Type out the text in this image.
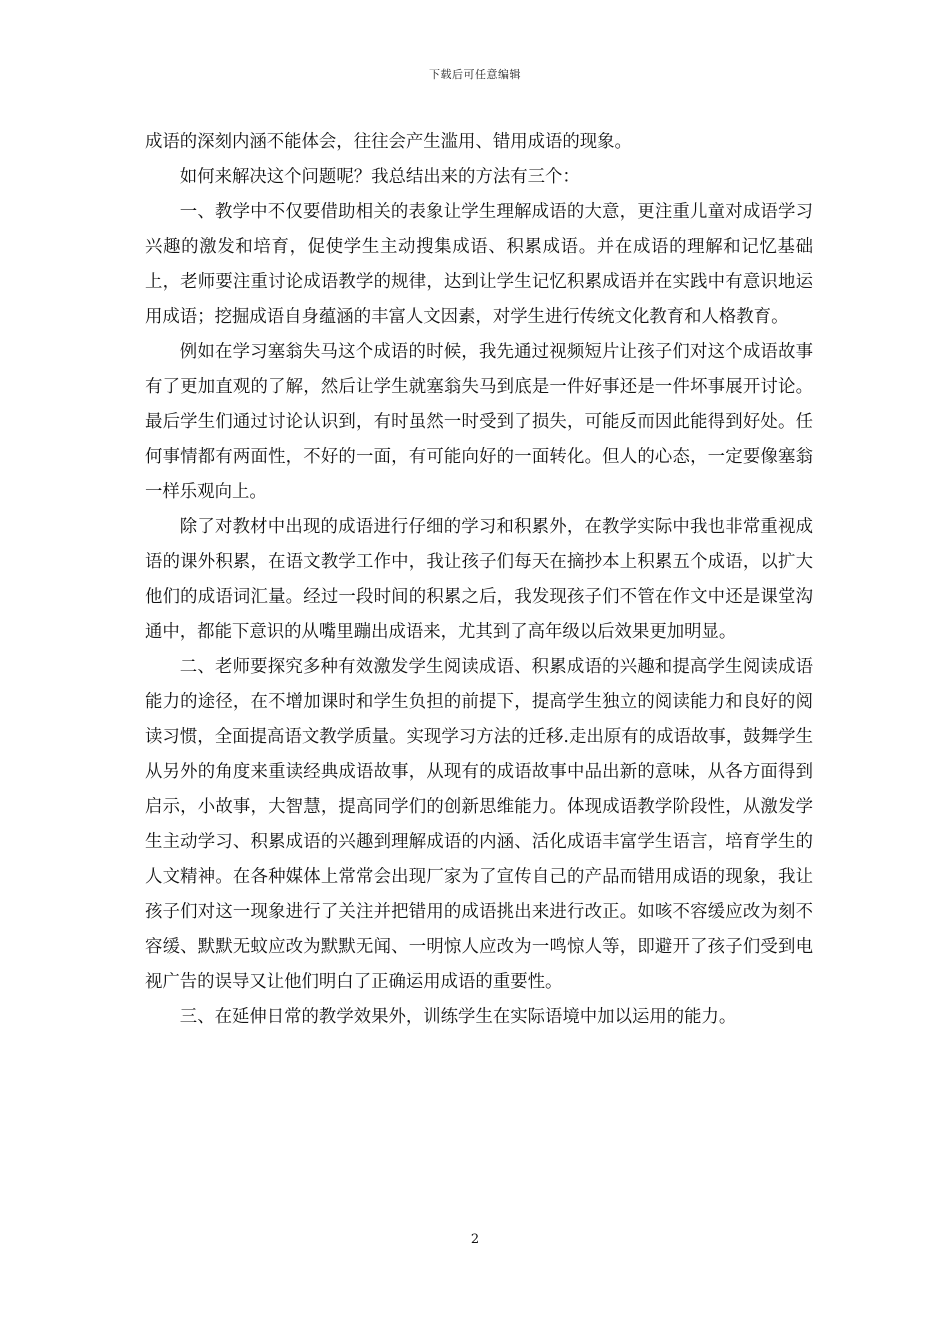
下载后可任意编辑

成语的深刻内涵不能体会，往往会产生滥用、错用成语的现象。

如何来解决这个问题呢？我总结出来的方法有三个：

一、教学中不仅要借助相关的表象让学生理解成语的大意，更注重儿童对成语学习兴趣的激发和培育，促使学生主动搜集成语、积累成语。并在成语的理解和记忆基础上，老师要注重讨论成语教学的规律，达到让学生记忆积累成语并在实践中有意识地运用成语；挖掘成语自身蕴涵的丰富人文因素，对学生进行传统文化教育和人格教育。

例如在学习塞翁失马这个成语的时候，我先通过视频短片让孩子们对这个成语故事有了更加直观的了解，然后让学生就塞翁失马到底是一件好事还是一件坏事展开讨论。最后学生们通过讨论认识到，有时虽然一时受到了损失，可能反而因此能得到好处。任何事情都有两面性，不好的一面，有可能向好的一面转化。但人的心态，一定要像塞翁一样乐观向上。

除了对教材中出现的成语进行仔细的学习和积累外，在教学实际中我也非常重视成语的课外积累，在语文教学工作中，我让孩子们每天在摘抄本上积累五个成语，以扩大他们的成语词汇量。经过一段时间的积累之后，我发现孩子们不管在作文中还是课堂沟通中，都能下意识的从嘴里蹦出成语来，尤其到了高年级以后效果更加明显。

二、老师要探究多种有效激发学生阅读成语、积累成语的兴趣和提高学生阅读成语能力的途径，在不增加课时和学生负担的前提下，提高学生独立的阅读能力和良好的阅读习惯，全面提高语文教学质量。实现学习方法的迁移.走出原有的成语故事，鼓舞学生从另外的角度来重读经典成语故事，从现有的成语故事中品出新的意味，从各方面得到启示，小故事，大智慧，提高同学们的创新思维能力。体现成语教学阶段性，从激发学生主动学习、积累成语的兴趣到理解成语的内涵、活化成语丰富学生语言，培育学生的人文精神。在各种媒体上常常会出现厂家为了宣传自己的产品而错用成语的现象，我让孩子们对这一现象进行了关注并把错用的成语挑出来进行改正。如咳不容缓应改为刻不容缓、默默无蚊应改为默默无闻、一明惊人应改为一鸣惊人等，即避开了孩子们受到电视广告的误导又让他们明白了正确运用成语的重要性。

三、在延伸日常的教学效果外，训练学生在实际语境中加以运用的能力。

2
